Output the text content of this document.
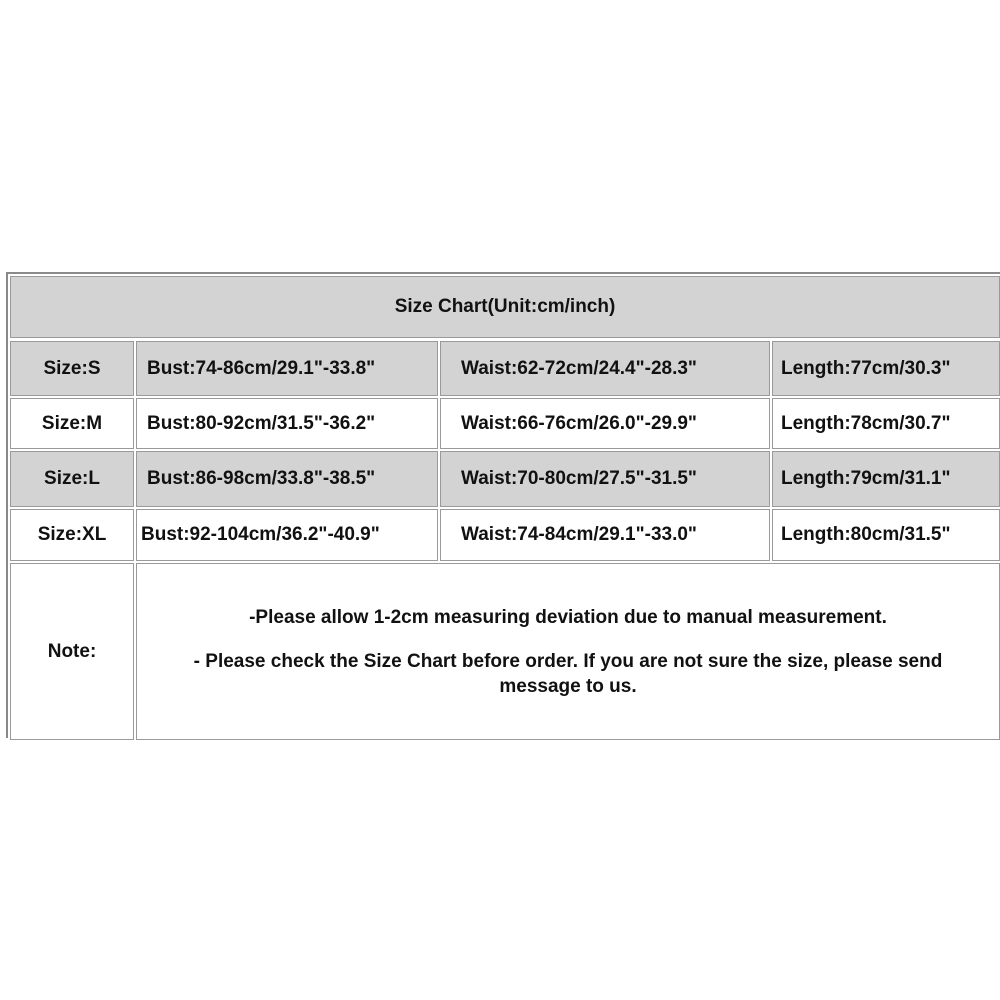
Size Chart(Unit:cm/inch)
Size:S	Bust:74-86cm/29.1"-33.8"	Waist:62-72cm/24.4"-28.3"	Length:77cm/30.3"
Size:M	Bust:80-92cm/31.5"-36.2"	Waist:66-76cm/26.0"-29.9"	Length:78cm/30.7"
Size:L	Bust:86-98cm/33.8"-38.5"	Waist:70-80cm/27.5"-31.5"	Length:79cm/31.1"
Size:XL	Bust:92-104cm/36.2"-40.9"	Waist:74-84cm/29.1"-33.0"	Length:80cm/31.5"
Note:
-Please allow 1-2cm measuring deviation due to manual measurement.
- Please check the Size Chart before order. If you are not sure the size, please send message to us.
